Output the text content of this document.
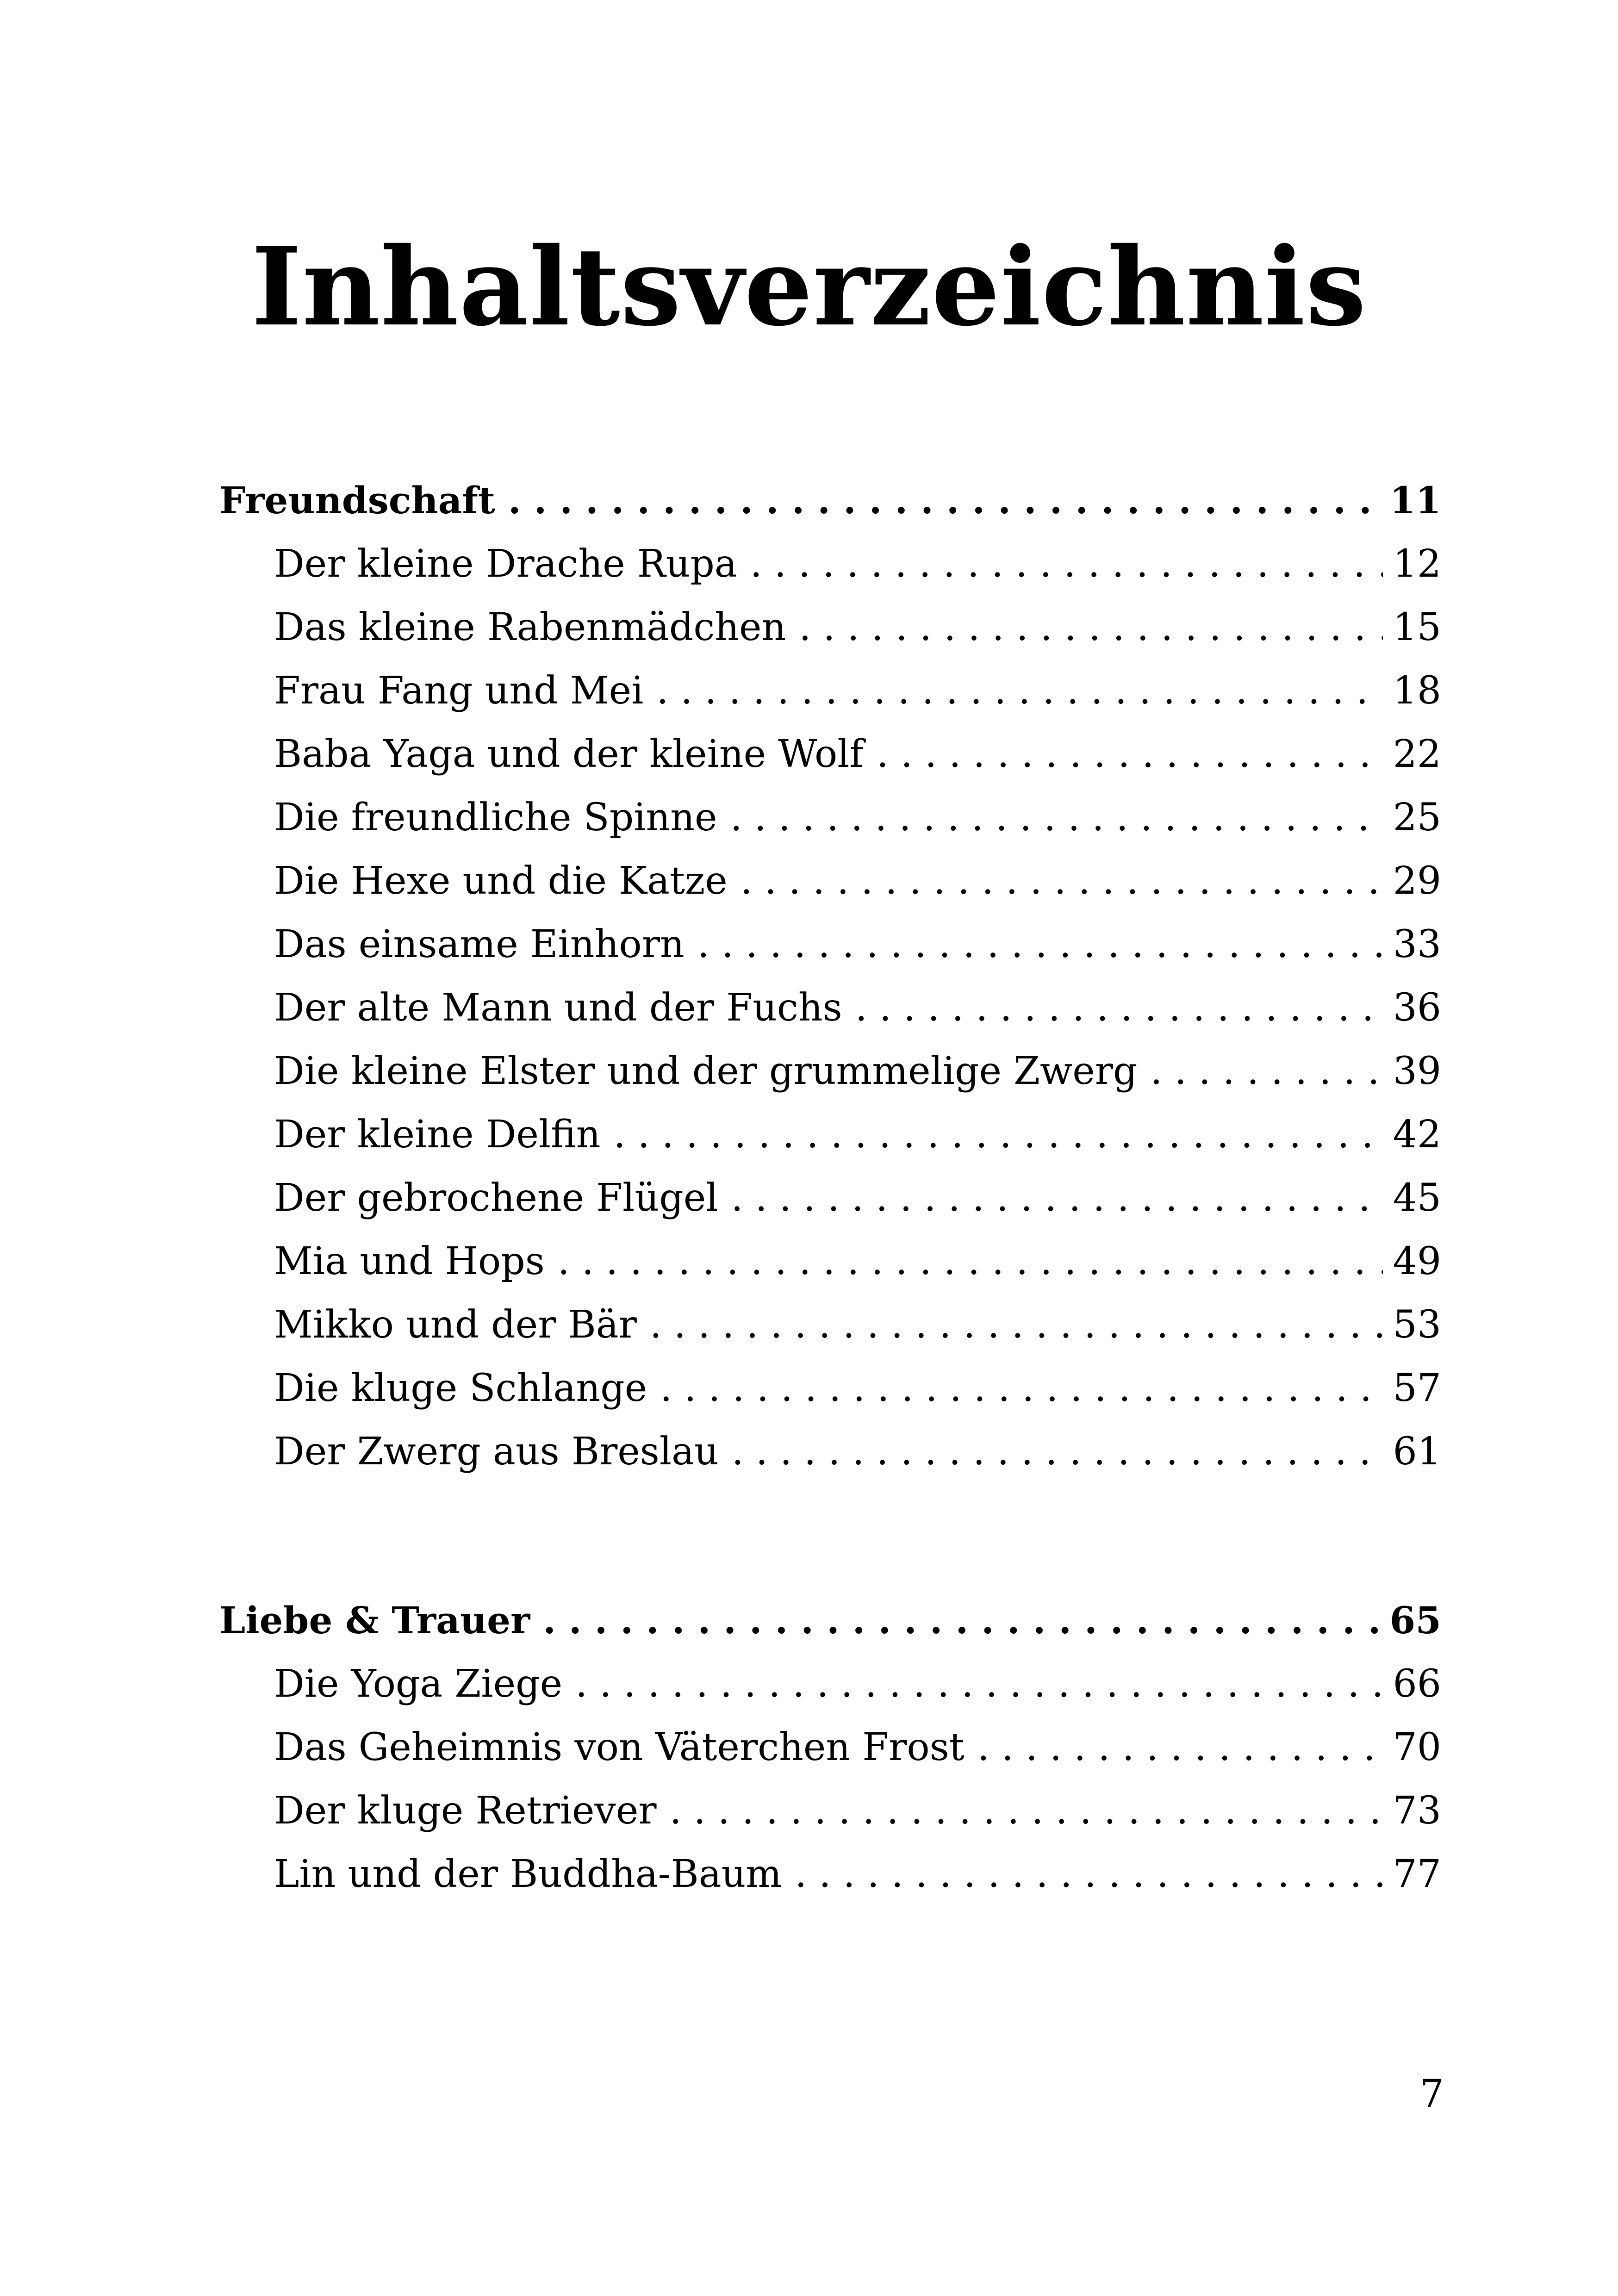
Inhaltsverzeichnis
Freundschaft . . .	11
Der kleine Drache Rupa . . .	12
Das kleine Rabenmädchen . . .	15
Frau Fang und Mei . . .	18
Baba Yaga und der kleine Wolf . . .	22
Die freundliche Spinne . . .	25
Die Hexe und die Katze . . .	29
Das einsame Einhorn . . .	33
Der alte Mann und der Fuchs . . .	36
Die kleine Elster und der grummelige Zwerg . . .	39
Der kleine Delfin . . .	42
Der gebrochene Flügel . . .	45
Mia und Hops . . .	49
Mikko und der Bär . . .	53
Die kluge Schlange . . .	57
Der Zwerg aus Breslau . . .	61
Liebe & Trauer . . .	65
Die Yoga Ziege . . .	66
Das Geheimnis von Väterchen Frost . . .	70
Der kluge Retriever . . .	73
Lin und der Buddha-Baum . . .	77
7
